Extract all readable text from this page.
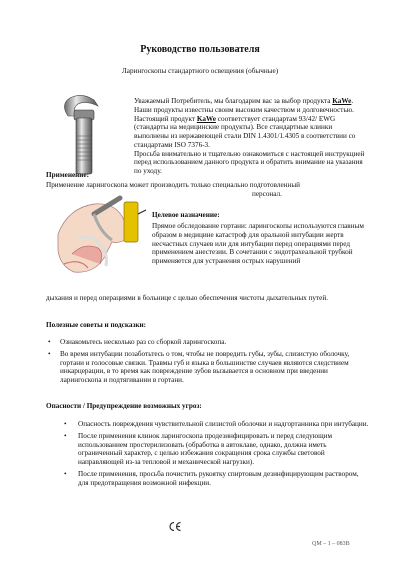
Руководство пользователя
Ларингоскопы стандартного освещения (обычные)

Уважаемый Потребитель, мы благодарим вас за выбор продукта KaWe. Наши продукты известны своим высоким качеством и долговечностью. Настоящий продукт KaWe соответствует стандартам 93/42/ EWG (стандарты на медицинские продукты). Все стандартные клинки выполнены из нержавеющей стали DIN 1.4301/1.4305 в соответствии со стандартами ISO 7376-3.

Просьба внимательно и тщательно ознакомиться с настоящей инструкцией перед использованием данного продукта и обратить внимание на указания по уходу.

Применение:
Применение ларингоскопа может производить только специально подготовленный
персонал.
Целевое назначение:
Прямое обследование гортани: ларингоскопы используются главным образом в медицине катастроф для оральной интубации жертв несчастных случаев или для интубации перед операциями перед применением анестезии. В сочетании с эндотрахеальной трубкой применяется для устранения острых нарушений
дыхания и перед операциями в больнице с целью обеспечения чистоты дыхательных путей.
Полезные советы и подсказки:
• Ознакомьтесь несколько раз со сборкой ларингоскопа.
• Во время интубации позаботьтесь о том, чтобы не повредить губы, зубы, слизистую оболочку, гортани и голосовые связки. Травмы губ и языка в большинстве случаев являются следствием инкарцерации, в то время как повреждение зубов вызывается в основном при введении ларингоскопа и подтягивании в гортани.
Опасности / Предупреждение возможных угроз:
• Опасность повреждения чувствительной слизистой оболочки и надгортанника при интубации.
• После применения клинок ларингоскопа продезинфицировать и перед следующим использованием простерилизовать (обработка в автоклаве, однако, должна иметь ограниченный характер, с целью избежания сокращения срока службы световой направляющей из-за тепловой и механической нагрузки).
• После применения, просьба почистить рукоятку спиртовым дезинфицирующим раствором, для предотвращения возможной инфекции.
QM – 1 – 083B
